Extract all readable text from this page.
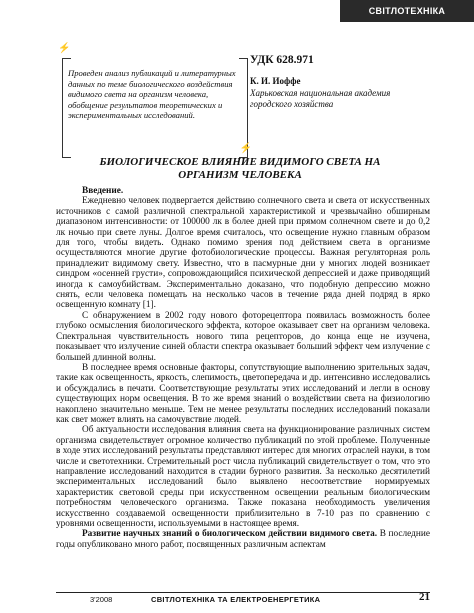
СВІТЛОТЕХНІКА
⚡
⚡
Проведен анализ публикаций и литературных данных по теме биологического воздействия видимого света на организм человека, обобщение результатов теоретических и экспериментальных исследований.
УДК 628.971
К. И. Иоффе
Харьковская национальная академия городского хозяйства
БИОЛОГИЧЕСКОЕ ВЛИЯНИЕ ВИДИМОГО СВЕТА НА ОРГАНИЗМ ЧЕЛОВЕКА

Введение.

Ежедневно человек подвергается действию солнечного света и света от искусственных источников с самой различной спектральной характеристикой и чрезвычайно обширным диапазоном интенсивности: от 100000 лк в более дней при прямом солнечном свете и до 0,2 лк ночью при свете луны. Долгое время считалось, что освещение нужно главным образом для того, чтобы видеть. Однако помимо зрения под действием света в организме осуществляются многие другие фотобиологические процессы. Важная регуляторная роль принадлежит видимому свету. Известно, что в пасмурные дни у многих людей возникает синдром «осенней грусти», сопровождающийся психической депрессией и даже приводящий иногда к самоубийствам. Экспериментально доказано, что подобную депрессию можно снять, если человека помещать на несколько часов в течение ряда дней подряд в ярко освещенную комнату [1].

С обнаружением в 2002 году нового фоторецептора появилась возможность более глубоко осмысления биологического эффекта, которое оказывает свет на организм человека. Спектральная чувствительность нового типа рецепторов, до конца еще не изучена, показывает что излучение синей области спектра оказывает больший эффект чем излучение с большей длинной волны.

В последнее время основные факторы, сопутствующие выполнению зрительных задач, такие как освещенность, яркость, слепимость, цветопередача и др. интенсивно исследовались и обсуждались в печати. Соответствующие результаты этих исследований и легли в основу существующих норм освещения. В то же время знаний о воздействии света на физиологию накоплено значительно меньше. Тем не менее результаты последних исследований показали как свет может влиять на самочувствие людей.

Об актуальности исследования влияния света на функционирование различных систем организма свидетельствует огромное количество публикаций по этой проблеме. Полученные в ходе этих исследований результаты представляют интерес для многих отраслей науки, в том числе и светотехники. Стремительный рост числа публикаций свидетельствует о том, что это направление исследований находится в стадии бурного развития. За несколько десятилетий экспериментальных исследований было выявлено несоответствие нормируемых характеристик световой среды при искусственном освещении реальным биологическим потребностям человеческого организма. Также показана необходимость увеличения искусственно создаваемой освещенности приблизительно в 7-10 раз по сравнению с уровнями освещенности, используемыми в настоящее время.

Развитие научных знаний о биологическом действии видимого света. В последние годы опубликовано много работ, посвященных различным аспектам

3'2008	СВІТЛОТЕХНІКА ТА ЕЛЕКТРОЕНЕРГЕТИКА	21
